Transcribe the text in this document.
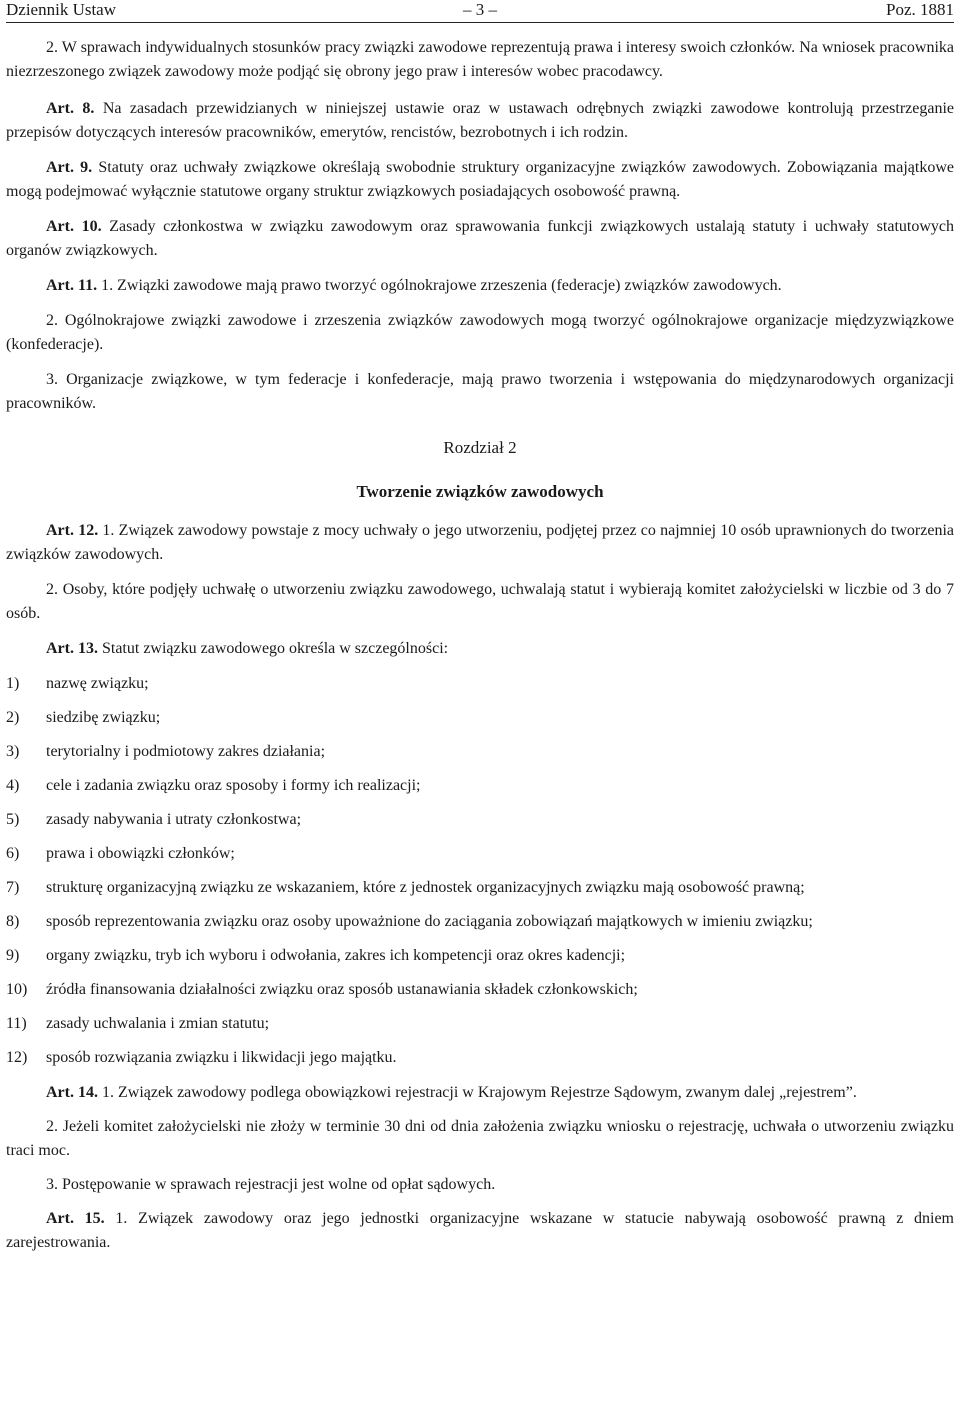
Dziennik Ustaw	– 3 –	Poz. 1881

2. W sprawach indywidualnych stosunków pracy związki zawodowe reprezentują prawa i interesy swoich członków. Na wniosek pracownika niezrzeszonego związek zawodowy może podjąć się obrony jego praw i interesów wobec pracodawcy.

Art. 8. Na zasadach przewidzianych w niniejszej ustawie oraz w ustawach odrębnych związki zawodowe kontrolują przestrzeganie przepisów dotyczących interesów pracowników, emerytów, rencistów, bezrobotnych i ich rodzin.

Art. 9. Statuty oraz uchwały związkowe określają swobodnie struktury organizacyjne związków zawodowych. Zobowiązania majątkowe mogą podejmować wyłącznie statutowe organy struktur związkowych posiadających osobowość prawną.

Art. 10. Zasady członkostwa w związku zawodowym oraz sprawowania funkcji związkowych ustalają statuty i uchwały statutowych organów związkowych.

Art. 11. 1. Związki zawodowe mają prawo tworzyć ogólnokrajowe zrzeszenia (federacje) związków zawodowych.

2. Ogólnokrajowe związki zawodowe i zrzeszenia związków zawodowych mogą tworzyć ogólnokrajowe organizacje międzyzwiązkowe (konfederacje).

3. Organizacje związkowe, w tym federacje i konfederacje, mają prawo tworzenia i wstępowania do międzynarodowych organizacji pracowników.

Rozdział 2

Tworzenie związków zawodowych

Art. 12. 1. Związek zawodowy powstaje z mocy uchwały o jego utworzeniu, podjętej przez co najmniej 10 osób uprawnionych do tworzenia związków zawodowych.

2. Osoby, które podjęły uchwałę o utworzeniu związku zawodowego, uchwalają statut i wybierają komitet założycielski w liczbie od 3 do 7 osób.

Art. 13. Statut związku zawodowego określa w szczególności:

1) nazwę związku;
2) siedzibę związku;
3) terytorialny i podmiotowy zakres działania;
4) cele i zadania związku oraz sposoby i formy ich realizacji;
5) zasady nabywania i utraty członkostwa;
6) prawa i obowiązki członków;
7) strukturę organizacyjną związku ze wskazaniem, które z jednostek organizacyjnych związku mają osobowość prawną;
8) sposób reprezentowania związku oraz osoby upoważnione do zaciągania zobowiązań majątkowych w imieniu związku;
9) organy związku, tryb ich wyboru i odwołania, zakres ich kompetencji oraz okres kadencji;
10) źródła finansowania działalności związku oraz sposób ustanawiania składek członkowskich;
11) zasady uchwalania i zmian statutu;
12) sposób rozwiązania związku i likwidacji jego majątku.

Art. 14. 1. Związek zawodowy podlega obowiązkowi rejestracji w Krajowym Rejestrze Sądowym, zwanym dalej „rejestrem”.

2. Jeżeli komitet założycielski nie złoży w terminie 30 dni od dnia założenia związku wniosku o rejestrację, uchwała o utworzeniu związku traci moc.

3. Postępowanie w sprawach rejestracji jest wolne od opłat sądowych.

Art. 15. 1. Związek zawodowy oraz jego jednostki organizacyjne wskazane w statucie nabywają osobowość prawną z dniem zarejestrowania.
